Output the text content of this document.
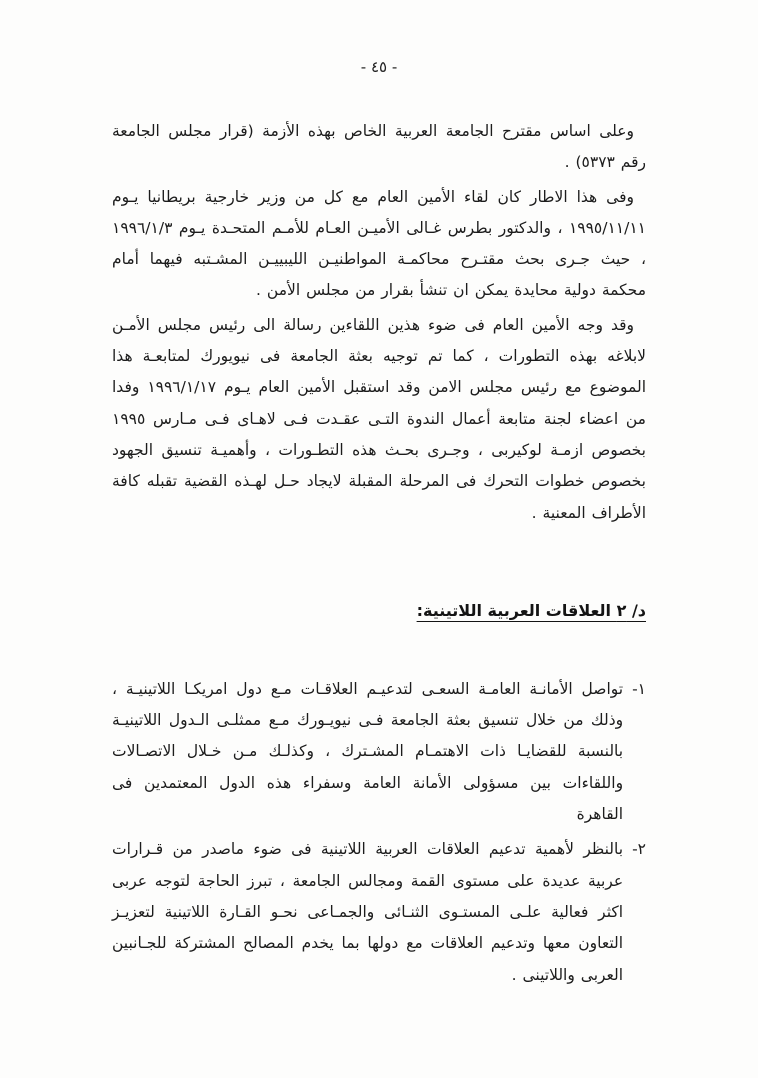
- ٤٥ -

وعلى اساس مقترح الجامعة العربية الخاص بهذه الأزمة (قرار مجلس الجامعة رقم ٥٣٧٣) .

وفى هذا الاطار كان لقاء الأمين العام مع كل من وزير خارجية بريطانيا يـوم ١٩٩٥/١١/١١ ، والدكتور بطرس غـالى الأميـن العـام للأمـم المتحـدة يـوم ١٩٩٦/١/٣ ، حيث جـرى بحث مقتـرح محاكمـة المواطنيـن الليبييـن المشـتبه فيهما أمام محكمة دولية محايدة يمكن ان تنشأ بقرار من مجلس الأمن .

وقد وجه الأمين العام فى ضوء هذين اللقاءين رسالة الى رئيس مجلس الأمـن لابلاغه بهذه التطورات ، كما تم توجيه بعثة الجامعة فى نيويورك لمتابعـة هذا الموضوع مع رئيس مجلس الامن وقد استقبل الأمين العام يـوم ١٩٩٦/١/١٧ وفدا من اعضاء لجنة متابعة أعمال الندوة التـى عقـدت فـى لاهـاى فـى مـارس ١٩٩٥ بخصوص ازمـة لوكيربى ، وجـرى بحـث هذه التطـورات ، وأهميـة تنسيق الجهود بخصوص خطوات التحرك فى المرحلة المقبلة لايجاد حـل لهـذه القضية تقبله كافة الأطراف المعنية .

د/ ٢ العلاقات العربية اللاتينية:
١-

تواصل الأمانـة العامـة السعـى لتدعيـم العلاقـات مـع دول امريكـا اللاتينيـة ، وذلك من خلال تنسيق بعثة الجامعة فـى نيويـورك مـع ممثلـى الـدول اللاتينيـة بالنسبة للقضايـا ذات الاهتمـام المشـترك ، وكذلـك مـن خـلال الاتصـالات واللقاءات بين مسؤولى الأمانة العامة وسفراء هذه الدول المعتمدين فى القاهرة

٢-

بالنظر لأهمية تدعيم العلاقات العربية اللاتينية فى ضوء ماصدر من قـرارات عربية عديدة على مستوى القمة ومجالس الجامعة ، تبرز الحاجة لتوجه عربى اكثر فعالية علـى المستـوى الثنـائى والجمـاعى نحـو القـارة اللاتينية لتعزيـز التعاون معها وتدعيم العلاقات مع دولها بما يخدم المصالح المشتركة للجـانبين العربى واللاتينى .
